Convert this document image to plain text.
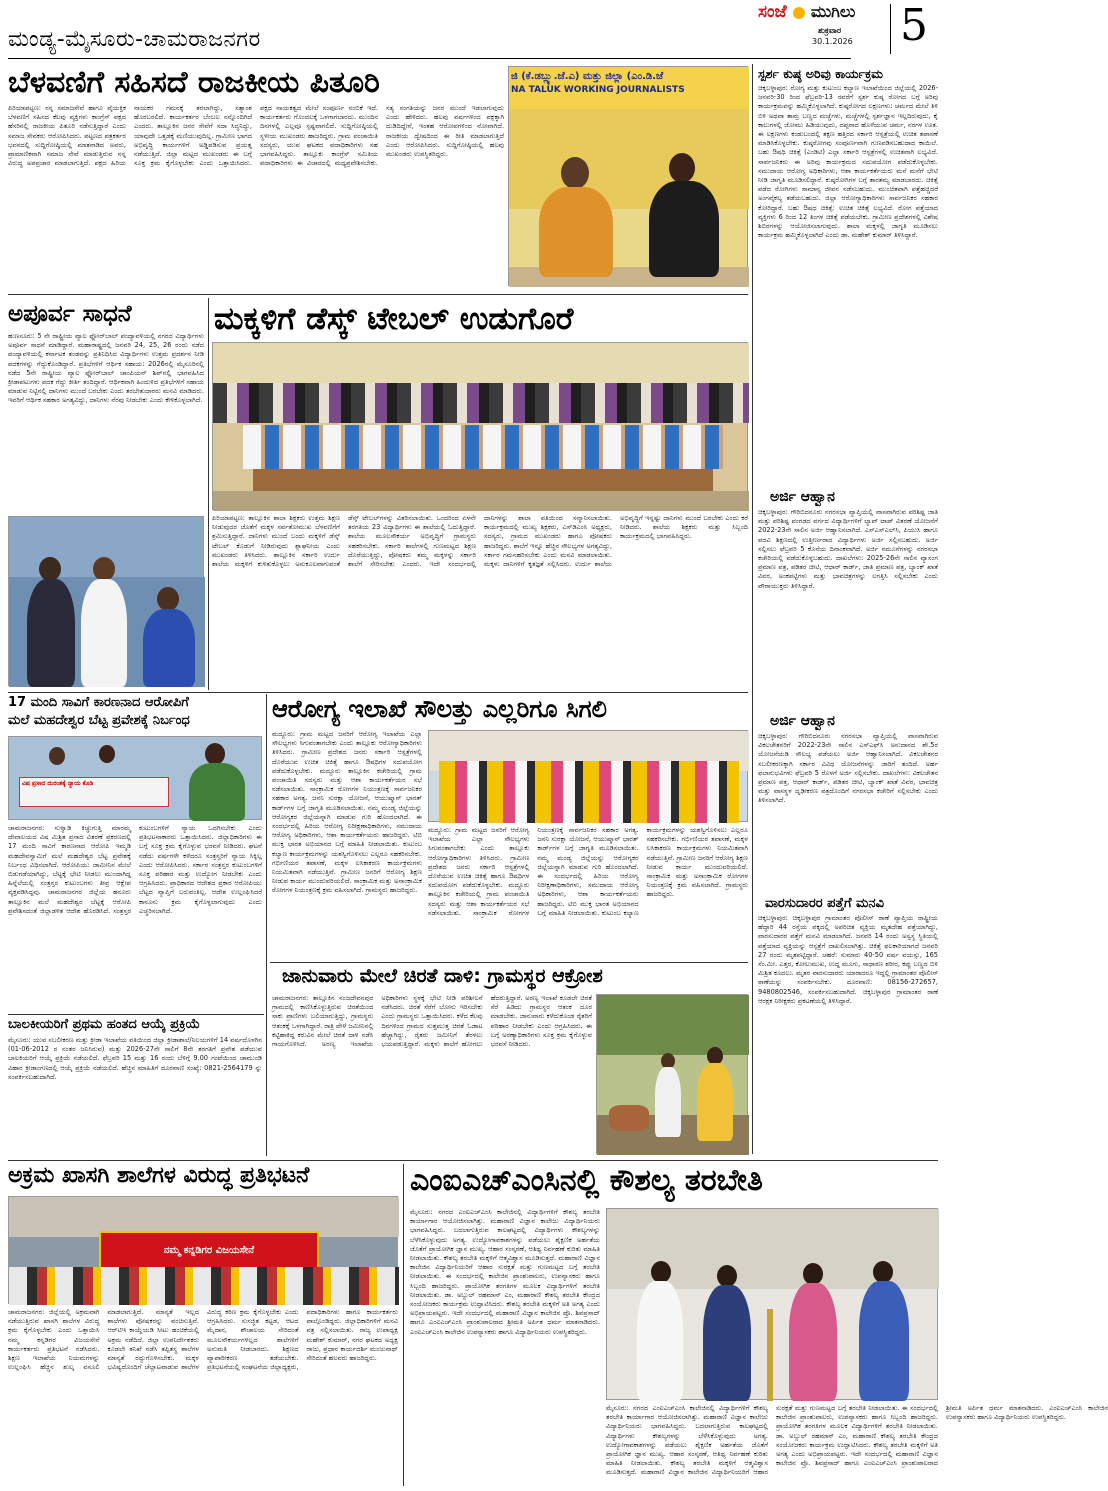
ಮಂಡ್ಯ-ಮೈಸೂರು-ಚಾಮರಾಜನಗರ
ಸಂಜೆ ಮುಗಿಲು
ಶುಕ್ರವಾರ
30.1.2026 5
ಬೆಳವಣಿಗೆ ಸಹಿಸದೆ ರಾಜಕೀಯ ಪಿತೂರಿ
ಪಿರಿಯಾಪಟ್ಟಣ: ನನ್ನ ಸಮಾಜಸೇವೆ ಹಾಗೂ ವೈಯಕ್ತಿಕ ಬೆಳವಣಿಗೆ ಸಹಿಸದ ಕೆಲವು ವ್ಯಕ್ತಿಗಳು ಕಾಂಗ್ರೆಸ್ ಪಕ್ಷದ ಹೆಸರಿನಲ್ಲಿ ರಾಜಕೀಯ ಪಿತೂರಿ ನಡೆಸುತ್ತಿದ್ದಾರೆ ಎಂದು ಸಮಾಜ ಸೇವಕರು ಆರೋಪಿಸಿದರು. ಪಟ್ಟಣದ ಪತ್ರಕರ್ತರ ಭವನದಲ್ಲಿ ಸುದ್ದಿಗೋಷ್ಠಿಯಲ್ಲಿ ಮಾತನಾಡಿದ ಅವರು, ಪ್ರಾಮಾಣಿಕವಾಗಿ ಸಮಾಜ ಸೇವೆ ಮಾಡುತ್ತಿರುವ ನನ್ನ ವಿರುದ್ಧ ಅಪಪ್ರಚಾರ ಮಾಡಲಾಗುತ್ತಿದೆ. ಪಕ್ಷದ ಹಿರಿಯ ನಾಯಕರ ಗಮನಕ್ಕೆ ತರಲಾಗಿದ್ದು, ಸತ್ಯಾಂಶ ಹೊರಬರಲಿದೆ. ಕಾರ್ಯಕರ್ತರ ಬೆಂಬಲ ನನ್ನೊಂದಿಗಿದೆ ಎಂದರು. ತಾಲ್ಲೂಕಿನ ಜನರ ಸೇವೆಗೆ ಸದಾ ಸಿದ್ಧನಿದ್ದು, ಯಾವುದೇ ಒತ್ತಡಕ್ಕೆ ಮಣಿಯುವುದಿಲ್ಲ. ಗ್ರಾಮೀಣ ಭಾಗದ ಅಭಿವೃದ್ಧಿ ಕಾರ್ಯಗಳಿಗೆ ಅಡ್ಡಿಪಡಿಸುವ ಪ್ರಯತ್ನ ನಡೆಯುತ್ತಿದೆ. ಜಿಲ್ಲಾ ಮಟ್ಟದ ಮುಖಂಡರು ಈ ಬಗ್ಗೆ ಸೂಕ್ತ ಕ್ರಮ ಕೈಗೊಳ್ಳಬೇಕು ಎಂದು ಒತ್ತಾಯಿಸಿದರು. ಪಕ್ಷದ ನಾಯಕತ್ವದ ಮೇಲೆ ಸಂಪೂರ್ಣ ನಂಬಿಕೆ ಇದೆ. ಕಾರ್ಯಕರ್ತರು ಗೊಂದಲಕ್ಕೆ ಒಳಗಾಗಬಾರದು. ಮುಂದಿನ ದಿನಗಳಲ್ಲಿ ಎಲ್ಲವೂ ಸ್ಪಷ್ಟವಾಗಲಿದೆ. ಸುದ್ದಿಗೋಷ್ಠಿಯಲ್ಲಿ ಸ್ಥಳೀಯ ಮುಖಂಡರು ಹಾಜರಿದ್ದರು. ಗ್ರಾಮ ಪಂಚಾಯಿತಿ ಸದಸ್ಯರು, ಯುವ ಘಟಕದ ಪದಾಧಿಕಾರಿಗಳು ಸಹ ಭಾಗವಹಿಸಿದ್ದರು. ತಾಲ್ಲೂಕು ಕಾಂಗ್ರೆಸ್ ಸಮಿತಿಯ ಪದಾಧಿಕಾರಿಗಳು ಈ ವಿಚಾರದಲ್ಲಿ ಮಧ್ಯಪ್ರವೇಶಿಸಬೇಕು. ಸತ್ಯ ಸಂಗತಿಯನ್ನು ಜನರ ಮುಂದೆ ಇಡಲಾಗುವುದು ಎಂದು ಹೇಳಿದರು. ಹಲವು ವರ್ಷಗಳಿಂದ ಪಕ್ಷಕ್ಕಾಗಿ ದುಡಿದಿದ್ದೇನೆ, ಇಂತಹ ಆರೋಪಗಳಿಂದ ನೋವಾಗಿದೆ. ರಾಜಕೀಯ ದ್ವೇಷದಿಂದ ಈ ರೀತಿ ಮಾಡಲಾಗುತ್ತಿದೆ ಎಂದು ಆರೋಪಿಸಿದರು. ಸುದ್ದಿಗೋಷ್ಠಿಯಲ್ಲಿ ಹಲವು ಮುಖಂಡರು ಉಪಸ್ಥಿತರಿದ್ದರು.
ಜಿ (ಕೆ.ಡಬ್ಲ್ಯು.ಜೆ.ಎ) ಮತ್ತು ಜಿಲ್ಲಾ (ಎಂ.ಡಿ.ಜೆ
NA TALUK WORKING JOURNALISTS
ಸ್ಪರ್ಶ ಕುಷ್ಠ ಅರಿವು ಕಾರ್ಯಕ್ರಮ
ಚಿಕ್ಕಬಳ್ಳಾಪುರ: ರೋಗ್ಯ ಮತ್ತು ಕುಟುಂಬ ಕಲ್ಯಾಣ ಇಲಾಖೆಯಿಂದ ಜಿಲ್ಲೆಯಲ್ಲಿ 2026-ಜನವರಿ-30 ರಿಂದ ಫೆಬ್ರವರಿ-13 ರವರೆಗೆ ಸ್ಪರ್ಶ ಕುಷ್ಠ ರೋಗದ ಬಗ್ಗೆ ಅರಿವು ಕಾರ್ಯಕ್ರಮವನ್ನು ಹಮ್ಮಿಕೊಳ್ಳಲಾಗಿದೆ. ಕುಷ್ಠರೋಗದ ಲಕ್ಷಣಗಳು: ಚರ್ಮದ ಮೇಲೆ ತಿಳಿ ಬಿಳಿ ಅಥವಾ ತಾಮ್ರ ಬಣ್ಣದ ಮಚ್ಚೆಗಳು, ಮಚ್ಚೆಗಳಲ್ಲಿ ಸ್ಪರ್ಶಜ್ಞಾನ ಇಲ್ಲದಿರುವುದು, ಕೈ ಕಾಲುಗಳಲ್ಲಿ ಜೋಮು ಹಿಡಿಯುವುದು, ದಪ್ಪನಾದ ಹೊಳೆಯುವ ಚರ್ಮ, ನರಗಳ ಊತ. ಈ ಲಕ್ಷಣಗಳು ಕಂಡುಬಂದಲ್ಲಿ ತಕ್ಷಣ ಹತ್ತಿರದ ಸರ್ಕಾರಿ ಆಸ್ಪತ್ರೆಯಲ್ಲಿ ಉಚಿತ ತಪಾಸಣೆ ಮಾಡಿಸಿಕೊಳ್ಳಬೇಕು. ಕುಷ್ಠರೋಗವು ಸಂಪೂರ್ಣವಾಗಿ ಗುಣಪಡಿಸಬಹುದಾದ ಕಾಯಿಲೆ. ಬಹು ಔಷಧಿ ಚಿಕಿತ್ಸೆ (ಎಂಡಿಟಿ) ಎಲ್ಲಾ ಸರ್ಕಾರಿ ಆಸ್ಪತ್ರೆಗಳಲ್ಲಿ ಉಚಿತವಾಗಿ ಲಭ್ಯವಿದೆ. ಸಾರ್ವಜನಿಕರು ಈ ಅರಿವು ಕಾರ್ಯಕ್ರಮದ ಸದುಪಯೋಗ ಪಡೆದುಕೊಳ್ಳಬೇಕು. ಸಮುದಾಯ ಆರೋಗ್ಯ ಅಧಿಕಾರಿಗಳು, ಆಶಾ ಕಾರ್ಯಕರ್ತೆಯರು ಮನೆ ಮನೆಗೆ ಭೇಟಿ ನೀಡಿ ಜಾಗೃತಿ ಮೂಡಿಸಲಿದ್ದಾರೆ. ಕುಷ್ಠರೋಗಿಗಳ ಬಗ್ಗೆ ತಾರತಮ್ಯ ಮಾಡಬಾರದು. ಚಿಕಿತ್ಸೆ ಪಡೆದ ರೋಗಿಗಳು ಸಾಮಾನ್ಯ ಜೀವನ ನಡೆಸಬಹುದು. ಮುಂಚಿತವಾಗಿ ಪತ್ತೆಹಚ್ಚಿದರೆ ಅಂಗವೈಕಲ್ಯ ತಡೆಯಬಹುದು. ಜಿಲ್ಲಾ ಆರೋಗ್ಯಾಧಿಕಾರಿಗಳು ಸಾರ್ವಜನಿಕರ ಸಹಕಾರ ಕೋರಿದ್ದಾರೆ. ಬಹು ಔಷಧ ಚಿಕಿತ್ಸೆ: ಉಚಿತ ಚಿಕಿತ್ಸೆ ಲಭ್ಯವಿದೆ. ರೋಗ ಪತ್ತೆಯಾದ ವ್ಯಕ್ತಿಗಳು 6 ರಿಂದ 12 ತಿಂಗಳ ಚಿಕಿತ್ಸೆ ಪಡೆಯಬೇಕು. ಗ್ರಾಮೀಣ ಪ್ರದೇಶಗಳಲ್ಲಿ ವಿಶೇಷ ಶಿಬಿರಗಳನ್ನು ಆಯೋಜಿಸಲಾಗುವುದು. ಶಾಲಾ ಮಕ್ಕಳಲ್ಲಿ ಜಾಗೃತಿ ಮೂಡಿಸಲು ಕಾರ್ಯಕ್ರಮ ಹಮ್ಮಿಕೊಳ್ಳಲಾಗಿದೆ ಎಂದು ಡಾ. ಮಹೇಶ್ ಕುಮಾರ್ ತಿಳಿಸಿದ್ದಾರೆ.
ಅರ್ಜಿ ಆಹ್ವಾನ
ಚಿಕ್ಕಬಳ್ಳಾಪುರ: ಗೌರಿಬಿದನೂರು ನಗರಸಭಾ ವ್ಯಾಪ್ತಿಯಲ್ಲಿ ವಾಸವಾಗಿರುವ ಪರಿಶಿಷ್ಟ ಜಾತಿ ಮತ್ತು ಪರಿಶಿಷ್ಟ ಪಂಗಡದ ವರ್ಗದ ವಿದ್ಯಾರ್ಥಿಗಳಿಗೆ ಲ್ಯಾಪ್ ಟಾಪ್ ವಿತರಣೆ ಯೋಜನೆಗೆ 2022-23ನೇ ಸಾಲಿನ ಅರ್ಜಿ ಆಹ್ವಾನಿಸಲಾಗಿದೆ. ಎಸ್‌ಎಸ್‌ಎಲ್‌ಸಿ, ಪಿಯುಸಿ ಹಾಗೂ ಪದವಿ ಶಿಕ್ಷಣದಲ್ಲಿ ಉತ್ತೀರ್ಣರಾದ ವಿದ್ಯಾರ್ಥಿಗಳು ಅರ್ಜಿ ಸಲ್ಲಿಸಬಹುದು. ಅರ್ಜಿ ಸಲ್ಲಿಸಲು ಫೆಬ್ರವರಿ 5 ಕೊನೆಯ ದಿನಾಂಕವಾಗಿದೆ. ಅರ್ಜಿ ನಮೂನೆಗಳನ್ನು ನಗರಸಭಾ ಕಚೇರಿಯಲ್ಲಿ ಪಡೆದುಕೊಳ್ಳಬಹುದು. ದಾಖಲೆಗಳು: 2025-26ನೇ ಸಾಲಿನ ವ್ಯಾಸಂಗ ಪ್ರಮಾಣ ಪತ್ರ, ಪಡಿತರ ಚೀಟಿ, ಆಧಾರ್ ಕಾರ್ಡ್, ಜಾತಿ ಪ್ರಮಾಣ ಪತ್ರ, ಬ್ಯಾಂಕ್ ಖಾತೆ ವಿವರ, ಅಂಕಪಟ್ಟಿಗಳು ಮತ್ತು ಭಾವಚಿತ್ರಗಳನ್ನು ಲಗತ್ತಿಸಿ ಸಲ್ಲಿಸಬೇಕು ಎಂದು ಪೌರಾಯುಕ್ತರು ತಿಳಿಸಿದ್ದಾರೆ.
ಅರ್ಜಿ ಆಹ್ವಾನ
ಚಿಕ್ಕಬಳ್ಳಾಪುರ: ಗೌರಿಬಿದನೂರು ನಗರಸಭಾ ವ್ಯಾಪ್ತಿಯಲ್ಲಿ ವಾಸವಾಗಿರುವ ವಿಕಲಚೇತನರಿಗೆ 2022-23ನೇ ಸಾಲಿನ ಎಸ್‌ಎಫ್‌ಸಿ ಅನುದಾನದ ಶೇ.5ರ ಯೋಜನೆಯಡಿ ಸೌಲಭ್ಯ ಪಡೆಯಲು ಅರ್ಜಿ ಆಹ್ವಾನಿಸಲಾಗಿದೆ. ವಿಕಲಚೇತನರ ಸಬಲೀಕರಣಕ್ಕಾಗಿ ಸರ್ಕಾರ ವಿವಿಧ ಯೋಜನೆಗಳನ್ನು ಜಾರಿಗೆ ತಂದಿದೆ. ಅರ್ಹ ಫಲಾನುಭವಿಗಳು ಫೆಬ್ರವರಿ 5 ರೊಳಗೆ ಅರ್ಜಿ ಸಲ್ಲಿಸಬೇಕು. ದಾಖಲೆಗಳು: ವಿಕಲಚೇತನ ಪ್ರಮಾಣ ಪತ್ರ, ಆಧಾರ್ ಕಾರ್ಡ್, ಪಡಿತರ ಚೀಟಿ, ಬ್ಯಾಂಕ್ ಖಾತೆ ವಿವರ, ಭಾವಚಿತ್ರ ಮತ್ತು ವಾಸಸ್ಥಳ ದೃಢೀಕರಣ ಪತ್ರದೊಂದಿಗೆ ನಗರಸಭಾ ಕಚೇರಿಗೆ ಸಲ್ಲಿಸಬೇಕು ಎಂದು ತಿಳಿಸಲಾಗಿದೆ.
ವಾರಸುದಾರರ ಪತ್ತೆಗೆ ಮನವಿ
ಚಿಕ್ಕಬಳ್ಳಾಪುರ: ಚಿಕ್ಕಬಳ್ಳಾಪುರ ಗ್ರಾಮಾಂತರ ಪೊಲೀಸ್ ಠಾಣೆ ವ್ಯಾಪ್ತಿಯ ರಾಷ್ಟ್ರೀಯ ಹೆದ್ದಾರಿ 44 ರಸ್ತೆಯ ಪಕ್ಕದಲ್ಲಿ ಅಪರಿಚಿತ ವ್ಯಕ್ತಿಯ ಮೃತದೇಹ ಪತ್ತೆಯಾಗಿದ್ದು, ವಾರಸುದಾರರ ಪತ್ತೆಗೆ ಮನವಿ ಮಾಡಲಾಗಿದೆ. ಜನವರಿ 14 ರಂದು ಅಸ್ವಸ್ಥ ಸ್ಥಿತಿಯಲ್ಲಿ ಪತ್ತೆಯಾದ ವ್ಯಕ್ತಿಯನ್ನು ಆಸ್ಪತ್ರೆಗೆ ದಾಖಲಿಸಲಾಗಿತ್ತು. ಚಿಕಿತ್ಸೆ ಫಲಕಾರಿಯಾಗದೆ ಜನವರಿ 27 ರಂದು ಮೃತಪಟ್ಟಿದ್ದಾರೆ. ಚಹರೆ: ಸುಮಾರು 40-50 ವರ್ಷ ವಯಸ್ಸು, 165 ಸೆಂ.ಮೀ. ಎತ್ತರ, ಕೋಲುಮುಖ, ಉದ್ದ ಮೂಗು, ಸಾಧಾರಣ ಶರೀರ, ಕಪ್ಪು ಬಣ್ಣದ ಬಿಳಿ ಮಿಶ್ರಿತ ಕೂದಲು. ಮೃತರ ವಾರಸುದಾರರು ಯಾರಾದರೂ ಇದ್ದಲ್ಲಿ ಗ್ರಾಮಾಂತರ ಪೊಲೀಸ್ ಠಾಣೆಯನ್ನು ಸಂಪರ್ಕಿಸಬೇಕು. ದೂರವಾಣಿ: 08156-272657, 9480802546, ಸಂಪರ್ಕಿಸಬಹುದಾಗಿದೆ. ಚಿಕ್ಕಬಳ್ಳಾಪುರ ಗ್ರಾಮಾಂತರ ಠಾಣೆ ಆರಕ್ಷಕ ನಿರೀಕ್ಷಕರು ಪ್ರಕಟಣೆಯಲ್ಲಿ ತಿಳಿಸಿದ್ದಾರೆ.
ಅಪೂರ್ವ ಸಾಧನೆ
ಹುಣಸೂರು: 5 ನೇ ರಾಷ್ಟ್ರೀಯ ವ್ಯಾಲ ಫ್ಲೋರ್‌ಬಾಲ್ ಪಂದ್ಯಾವಳಿಯಲ್ಲಿ ನಗರದ ವಿದ್ಯಾರ್ಥಿಗಳು ಅಪೂರ್ವ ಸಾಧನೆ ಮಾಡಿದ್ದಾರೆ. ಮಹಾರಾಷ್ಟ್ರದಲ್ಲಿ ಜನವರಿ 24, 25, 26 ರಂದು ನಡೆದ ಪಂದ್ಯಾವಳಿಯಲ್ಲಿ ಕರ್ನಾಟಕ ತಂಡವನ್ನು ಪ್ರತಿನಿಧಿಸಿದ ವಿದ್ಯಾರ್ಥಿಗಳು ಉತ್ತಮ ಪ್ರದರ್ಶನ ನೀಡಿ ಪದಕಗಳನ್ನು ಗೆದ್ದುಕೊಂಡಿದ್ದಾರೆ. ಪ್ರತಿಭೆಗಳಿಗೆ ಆರ್ಥಿಕ ಸಹಾಯ: 2026ರಲ್ಲಿ ಮೈಸೂರಿನಲ್ಲಿ ನಡೆದ 5ನೇ ರಾಷ್ಟ್ರೀಯ ವ್ಯಾಲ ಫ್ಲೋರ್‌ಬಾಲ್ ಚಾಂಪಿಯನ್ ಶಿಪ್‌ನಲ್ಲಿ ಭಾಗವಹಿಸಿದ ಕ್ರೀಡಾಪಟುಗಳು ಪದಕ ಗೆದ್ದು ಕೀರ್ತಿ ತಂದಿದ್ದಾರೆ. ಆರ್ಥಿಕವಾಗಿ ಹಿಂದುಳಿದ ಪ್ರತಿಭೆಗಳಿಗೆ ಸಹಾಯ ಮಾಡುವ ನಿಟ್ಟಿನಲ್ಲಿ ದಾನಿಗಳು ಮುಂದೆ ಬರಬೇಕು ಎಂದು ತರಬೇತುದಾರರು ಮನವಿ ಮಾಡಿದರು. ಇವರಿಗೆ ಆರ್ಥಿಕ ಸಹಕಾರ ಅಗತ್ಯವಿದ್ದು, ದಾನಿಗಳು ನೆರವು ನೀಡಬೇಕು ಎಂದು ಕೇಳಿಕೊಳ್ಳಲಾಗಿದೆ.
ಮಕ್ಕಳಿಗೆ ಡೆಸ್ಕ್ ಟೇಬಲ್ ಉಡುಗೊರೆ
ಪಿರಿಯಾಪಟ್ಟಣ: ತಾಲ್ಲೂಕಿನ ಶಾಲಾ ಶಿಕ್ಷಕರು ಉತ್ತಮ ಶಿಕ್ಷಣ ನೀಡುವುದರ ಜೊತೆಗೆ ಮಕ್ಕಳ ಸರ್ವತೋಮುಖ ಬೆಳವಣಿಗೆಗೆ ಶ್ರಮಿಸುತ್ತಿದ್ದಾರೆ. ದಾನಿಗಳು ಮುಂದೆ ಬಂದು ಮಕ್ಕಳಿಗೆ ಡೆಸ್ಕ್ ಟೇಬಲ್ ಕೊಡುಗೆ ನೀಡಿರುವುದು ಶ್ಲಾಘನೀಯ ಎಂದು ಮುಖಂಡರು ತಿಳಿಸಿದರು. ತಾಲ್ಲೂಕಿನ ಸರ್ಕಾರಿ ಉರ್ದು ಶಾಲೆಯ ಮಕ್ಕಳಿಗೆ ಕುಳಿತುಕೊಳ್ಳಲು ಅನುಕೂಲವಾಗುವಂತೆ ಡೆಸ್ಕ್ ಟೇಬಲ್‌ಗಳನ್ನು ವಿತರಿಸಲಾಯಿತು. ಒಂದರಿಂದ ಏಳನೇ ತರಗತಿಯ 23 ವಿದ್ಯಾರ್ಥಿಗಳು ಈ ಶಾಲೆಯಲ್ಲಿ ಓದುತ್ತಿದ್ದಾರೆ. ಶಾಲೆಯ ಮೂಲಸೌಕರ್ಯ ಅಭಿವೃದ್ಧಿಗೆ ಗ್ರಾಮಸ್ಥರು ಸಹಕರಿಸಬೇಕು. ಸರ್ಕಾರಿ ಶಾಲೆಗಳಲ್ಲಿ ಗುಣಮಟ್ಟದ ಶಿಕ್ಷಣ ದೊರೆಯುತ್ತಿದ್ದು, ಪೋಷಕರು ತಮ್ಮ ಮಕ್ಕಳನ್ನು ಸರ್ಕಾರಿ ಶಾಲೆಗೆ ಸೇರಿಸಬೇಕು ಎಂದರು. ಇದೇ ಸಂದರ್ಭದಲ್ಲಿ ದಾನಿಗಳನ್ನು ಶಾಲಾ ವತಿಯಿಂದ ಸನ್ಮಾನಿಸಲಾಯಿತು. ಕಾರ್ಯಕ್ರಮದಲ್ಲಿ ಮುಖ್ಯ ಶಿಕ್ಷಕರು, ಎಸ್‌ಡಿಎಂಸಿ ಅಧ್ಯಕ್ಷರು, ಸದಸ್ಯರು, ಗ್ರಾಮದ ಮುಖಂಡರು ಹಾಗೂ ಪೋಷಕರು ಹಾಜರಿದ್ದರು. ಶಾಲೆಗೆ ಇನ್ನೂ ಹೆಚ್ಚಿನ ಸೌಲಭ್ಯಗಳ ಅಗತ್ಯವಿದ್ದು, ಸರ್ಕಾರ ಗಮನಹರಿಸಬೇಕು ಎಂದು ಮನವಿ ಮಾಡಲಾಯಿತು. ಮಕ್ಕಳು ದಾನಿಗಳಿಗೆ ಕೃತಜ್ಞತೆ ಸಲ್ಲಿಸಿದರು. ಉರ್ದು ಶಾಲೆಯ ಅಭಿವೃದ್ಧಿಗೆ ಇನ್ನಷ್ಟು ದಾನಿಗಳು ಮುಂದೆ ಬರಬೇಕು ಎಂದು ಕರೆ ನೀಡಿದರು. ಶಾಲೆಯ ಶಿಕ್ಷಕರು ಮತ್ತು ಸಿಬ್ಬಂದಿ ಕಾರ್ಯಕ್ರಮದಲ್ಲಿ ಭಾಗವಹಿಸಿದ್ದರು.
17 ಮಂದಿ ಸಾವಿಗೆ ಕಾರಣನಾದ ಆರೋಪಿಗೆ
ಮಲೆ ಮಹದೇಶ್ವರ ಬೆಟ್ಟ ಪ್ರವೇಶಕ್ಕೆ ನಿರ್ಬಂಧ
ವಿಷ ಪ್ರಸಾದ ದುರಂತಕ್ಕೆ ನ್ಯಾಯ ಕೊಡಿ
ಚಾಮರಾಜನಗರ: ಸುಳ್ವಾಡಿ ಕಿಚ್ಚುಗುತ್ತಿ ಮಾರಮ್ಮ ದೇವಾಲಯದ ವಿಷ ಮಿಶ್ರಿತ ಪ್ರಸಾದ ವಿತರಣೆ ಪ್ರಕರಣದಲ್ಲಿ 17 ಮಂದಿ ಸಾವಿಗೆ ಕಾರಣನಾದ ಆರೋಪಿ ಇಮ್ಮಡಿ ಮಹದೇವಸ್ವಾಮಿಗೆ ಮಲೆ ಮಹದೇಶ್ವರ ಬೆಟ್ಟ ಪ್ರವೇಶಕ್ಕೆ ನಿರ್ಬಂಧ ವಿಧಿಸಲಾಗಿದೆ. ಆರೋಪಿಯು ಜಾಮೀನಿನ ಮೇಲೆ ಬಿಡುಗಡೆಯಾಗಿದ್ದು, ಬೆಟ್ಟಕ್ಕೆ ಭೇಟಿ ನೀಡಲು ಮುಂದಾಗಿದ್ದ ಹಿನ್ನೆಲೆಯಲ್ಲಿ ಸಂತ್ರಸ್ತರ ಕುಟುಂಬಗಳು ತೀವ್ರ ಆಕ್ಷೇಪ ವ್ಯಕ್ತಪಡಿಸಿದ್ದವು. ಚಾಮರಾಜನಗರ ಜಿಲ್ಲೆಯ ಹನೂರು ತಾಲ್ಲೂಕಿನ ಮಲೆ ಮಹದೇಶ್ವರ ಬೆಟ್ಟಕ್ಕೆ ಆರೋಪಿ ಪ್ರವೇಶಿಸದಂತೆ ಜಿಲ್ಲಾಡಳಿತ ಆದೇಶ ಹೊರಡಿಸಿದೆ. ಸಂತ್ರಸ್ತರ ಕುಟುಂಬಗಳಿಗೆ ನ್ಯಾಯ ಒದಗಿಸಬೇಕು ಎಂದು ಪ್ರತಿಭಟನಾಕಾರರು ಒತ್ತಾಯಿಸಿದರು. ಜಿಲ್ಲಾಧಿಕಾರಿಗಳು ಈ ಬಗ್ಗೆ ಸೂಕ್ತ ಕ್ರಮ ಕೈಗೊಳ್ಳುವ ಭರವಸೆ ನೀಡಿದರು. ಘಟನೆ ನಡೆದು ವರ್ಷಗಳೇ ಕಳೆದರೂ ಸಂತ್ರಸ್ತರಿಗೆ ನ್ಯಾಯ ಸಿಕ್ಕಿಲ್ಲ ಎಂದು ಆರೋಪಿಸಿದರು. ಸರ್ಕಾರ ಸಂತ್ರಸ್ತರ ಕುಟುಂಬಗಳಿಗೆ ಸೂಕ್ತ ಪರಿಹಾರ ಮತ್ತು ಉದ್ಯೋಗ ನೀಡಬೇಕು ಎಂದು ಆಗ್ರಹಿಸಿದರು. ಪ್ರಾಧಿಕಾರದ ಆದೇಶದ ಪ್ರಕಾರ ಆರೋಪಿಯು ಬೆಟ್ಟದ ವ್ಯಾಪ್ತಿಗೆ ಬರುವಂತಿಲ್ಲ. ಆದೇಶ ಉಲ್ಲಂಘಿಸಿದರೆ ಕಾನೂನು ಕ್ರಮ ಕೈಗೊಳ್ಳಲಾಗುವುದು ಎಂದು ಎಚ್ಚರಿಸಲಾಗಿದೆ.
ಬಾಲಕೀಯರಿಗೆ ಪ್ರಥಮ ಹಂತದ ಆಯ್ಕೆ ಪ್ರಕ್ರಿಯೆ
ಮೈಸೂರು: ಯುವ ಸಬಲೀಕರಣ ಮತ್ತು ಕ್ರೀಡಾ ಇಲಾಖೆಯ ವತಿಯಿಂದ ಜಿಲ್ಲಾ ಕ್ರೀಡಾಶಾಲೆ/ನಿಲಯಗಳಿಗೆ 14 ವರ್ಷದೊಳಗಿನ (01-06-2012 ರ ನಂತರ ಜನಿಸಿರುವ) ಮತ್ತು 2026-27ನೇ ಸಾಲಿಗೆ 8ನೇ ತರಗತಿಗೆ ಪ್ರವೇಶ ಪಡೆಯುವ ಬಾಲಕಿಯರಿಗೆ ಆಯ್ಕೆ ಪ್ರಕ್ರಿಯೆ ನಡೆಯಲಿದೆ. ಫೆಬ್ರವರಿ 15 ಮತ್ತು 16 ರಂದು ಬೆಳಿಗ್ಗೆ 9.00 ಗಂಟೆಯಿಂದ ಚಾಮುಂಡಿ ವಿಹಾರ ಕ್ರೀಡಾಂಗಣದಲ್ಲಿ ಆಯ್ಕೆ ಪ್ರಕ್ರಿಯೆ ನಡೆಯಲಿದೆ. ಹೆಚ್ಚಿನ ಮಾಹಿತಿಗೆ ದೂರವಾಣಿ ಸಂಖ್ಯೆ: 0821-2564179 ನ್ನು ಸಂಪರ್ಕಿಸಬಹುದಾಗಿದೆ.
ಆರೋಗ್ಯ ಇಲಾಖೆ ಸೌಲತ್ತು ಎಲ್ಲರಿಗೂ ಸಿಗಲಿ
ಮದ್ದೂರು: ಗ್ರಾಮ ಮಟ್ಟದ ಜನರಿಗೆ ಆರೋಗ್ಯ ಇಲಾಖೆಯ ಎಲ್ಲಾ ಸೌಲಭ್ಯಗಳು ಸಿಗುವಂತಾಗಬೇಕು ಎಂದು ತಾಲ್ಲೂಕು ಆರೋಗ್ಯಾಧಿಕಾರಿಗಳು ತಿಳಿಸಿದರು. ಗ್ರಾಮೀಣ ಪ್ರದೇಶದ ಜನರು ಸರ್ಕಾರಿ ಆಸ್ಪತ್ರೆಗಳಲ್ಲಿ ದೊರೆಯುವ ಉಚಿತ ಚಿಕಿತ್ಸೆ ಹಾಗೂ ಔಷಧಿಗಳ ಸದುಪಯೋಗ ಪಡೆದುಕೊಳ್ಳಬೇಕು. ಮದ್ದೂರು ತಾಲ್ಲೂಕಿನ ಕಚೇರಿಯಲ್ಲಿ ಗ್ರಾಮ ಪಂಚಾಯಿತಿ ಸದಸ್ಯರು ಮತ್ತು ಆಶಾ ಕಾರ್ಯಕರ್ತೆಯರ ಸಭೆ ನಡೆಸಲಾಯಿತು. ಸಾಂಕ್ರಾಮಿಕ ರೋಗಗಳ ನಿಯಂತ್ರಣಕ್ಕೆ ಸಾರ್ವಜನಿಕರ ಸಹಕಾರ ಅಗತ್ಯ. ಜನನಿ ಸುರಕ್ಷಾ ಯೋಜನೆ, ಆಯುಷ್ಮಾನ್ ಭಾರತ್ ಕಾರ್ಡ್‌ಗಳ ಬಗ್ಗೆ ಜಾಗೃತಿ ಮೂಡಿಸಲಾಯಿತು. ನಮ್ಮ ಮಂಡ್ಯ ಜಿಲ್ಲೆಯನ್ನು ಆರೋಗ್ಯಕರ ಜಿಲ್ಲೆಯನ್ನಾಗಿ ಮಾಡುವ ಗುರಿ ಹೊಂದಲಾಗಿದೆ. ಈ ಸಂದರ್ಭದಲ್ಲಿ ಹಿರಿಯ ಆರೋಗ್ಯ ನಿರೀಕ್ಷಣಾಧಿಕಾರಿಗಳು, ಸಮುದಾಯ ಆರೋಗ್ಯ ಅಧಿಕಾರಿಗಳು, ಆಶಾ ಕಾರ್ಯಕರ್ತೆಯರು ಹಾಜರಿದ್ದರು. ಟಿಬಿ ಮುಕ್ತ ಭಾರತ ಅಭಿಯಾನದ ಬಗ್ಗೆ ಮಾಹಿತಿ ನೀಡಲಾಯಿತು. ಕುಟುಂಬ ಕಲ್ಯಾಣ ಕಾರ್ಯಕ್ರಮಗಳನ್ನು ಯಶಸ್ವಿಗೊಳಿಸಲು ಎಲ್ಲರೂ ಸಹಕರಿಸಬೇಕು. ಗರ್ಭಿಣಿಯರ ತಪಾಸಣೆ, ಮಕ್ಕಳ ಲಸಿಕಾಕರಣ ಕಾರ್ಯಕ್ರಮಗಳು ನಿಯಮಿತವಾಗಿ ನಡೆಯುತ್ತಿವೆ. ಗ್ರಾಮೀಣ ಜನರಿಗೆ ಆರೋಗ್ಯ ಶಿಕ್ಷಣ ನೀಡುವ ಕಾರ್ಯ ಮುಂದುವರಿಯಲಿದೆ. ಸಾಂಕ್ರಾಮಿಕ ಮತ್ತು ಅಸಾಂಕ್ರಾಮಿಕ ರೋಗಗಳ ನಿಯಂತ್ರಣಕ್ಕೆ ಕ್ರಮ ವಹಿಸಲಾಗಿದೆ. ಗ್ರಾಮಸ್ಥರು ಹಾಜರಿದ್ದರು.
ಮದ್ದೂರು: ಗ್ರಾಮ ಮಟ್ಟದ ಜನರಿಗೆ ಆರೋಗ್ಯ ಇಲಾಖೆಯ ಎಲ್ಲಾ ಸೌಲಭ್ಯಗಳು ಸಿಗುವಂತಾಗಬೇಕು ಎಂದು ತಾಲ್ಲೂಕು ಆರೋಗ್ಯಾಧಿಕಾರಿಗಳು ತಿಳಿಸಿದರು. ಗ್ರಾಮೀಣ ಪ್ರದೇಶದ ಜನರು ಸರ್ಕಾರಿ ಆಸ್ಪತ್ರೆಗಳಲ್ಲಿ ದೊರೆಯುವ ಉಚಿತ ಚಿಕಿತ್ಸೆ ಹಾಗೂ ಔಷಧಿಗಳ ಸದುಪಯೋಗ ಪಡೆದುಕೊಳ್ಳಬೇಕು. ಮದ್ದೂರು ತಾಲ್ಲೂಕಿನ ಕಚೇರಿಯಲ್ಲಿ ಗ್ರಾಮ ಪಂಚಾಯಿತಿ ಸದಸ್ಯರು ಮತ್ತು ಆಶಾ ಕಾರ್ಯಕರ್ತೆಯರ ಸಭೆ ನಡೆಸಲಾಯಿತು. ಸಾಂಕ್ರಾಮಿಕ ರೋಗಗಳ ನಿಯಂತ್ರಣಕ್ಕೆ ಸಾರ್ವಜನಿಕರ ಸಹಕಾರ ಅಗತ್ಯ. ಜನನಿ ಸುರಕ್ಷಾ ಯೋಜನೆ, ಆಯುಷ್ಮಾನ್ ಭಾರತ್ ಕಾರ್ಡ್‌ಗಳ ಬಗ್ಗೆ ಜಾಗೃತಿ ಮೂಡಿಸಲಾಯಿತು. ನಮ್ಮ ಮಂಡ್ಯ ಜಿಲ್ಲೆಯನ್ನು ಆರೋಗ್ಯಕರ ಜಿಲ್ಲೆಯನ್ನಾಗಿ ಮಾಡುವ ಗುರಿ ಹೊಂದಲಾಗಿದೆ. ಈ ಸಂದರ್ಭದಲ್ಲಿ ಹಿರಿಯ ಆರೋಗ್ಯ ನಿರೀಕ್ಷಣಾಧಿಕಾರಿಗಳು, ಸಮುದಾಯ ಆರೋಗ್ಯ ಅಧಿಕಾರಿಗಳು, ಆಶಾ ಕಾರ್ಯಕರ್ತೆಯರು ಹಾಜರಿದ್ದರು. ಟಿಬಿ ಮುಕ್ತ ಭಾರತ ಅಭಿಯಾನದ ಬಗ್ಗೆ ಮಾಹಿತಿ ನೀಡಲಾಯಿತು. ಕುಟುಂಬ ಕಲ್ಯಾಣ ಕಾರ್ಯಕ್ರಮಗಳನ್ನು ಯಶಸ್ವಿಗೊಳಿಸಲು ಎಲ್ಲರೂ ಸಹಕರಿಸಬೇಕು. ಗರ್ಭಿಣಿಯರ ತಪಾಸಣೆ, ಮಕ್ಕಳ ಲಸಿಕಾಕರಣ ಕಾರ್ಯಕ್ರಮಗಳು ನಿಯಮಿತವಾಗಿ ನಡೆಯುತ್ತಿವೆ. ಗ್ರಾಮೀಣ ಜನರಿಗೆ ಆರೋಗ್ಯ ಶಿಕ್ಷಣ ನೀಡುವ ಕಾರ್ಯ ಮುಂದುವರಿಯಲಿದೆ. ಸಾಂಕ್ರಾಮಿಕ ಮತ್ತು ಅಸಾಂಕ್ರಾಮಿಕ ರೋಗಗಳ ನಿಯಂತ್ರಣಕ್ಕೆ ಕ್ರಮ ವಹಿಸಲಾಗಿದೆ. ಗ್ರಾಮಸ್ಥರು ಹಾಜರಿದ್ದರು.
ಜಾನುವಾರು ಮೇಲೆ ಚಿರತೆ ದಾಳಿ: ಗ್ರಾಮಸ್ಥರ ಆಕ್ರೋಶ
ಚಾಮರಾಜನಗರ: ತಾಲ್ಲೂಕಿನ ನಂಜದೇವನಪುರ ಗ್ರಾಮದಲ್ಲಿ ಕಾಣಿಸಿಕೊಳ್ಳುತ್ತಿರುವ ಚಿರತೆಯಿಂದ ಸಾಕು ಪ್ರಾಣಿಗಳು ಬಲಿಯಾಗುತ್ತಿದ್ದು, ಗ್ರಾಮಸ್ಥರು ಆತಂಕಕ್ಕೆ ಒಳಗಾಗಿದ್ದಾರೆ. ರಾತ್ರಿ ವೇಳೆ ಜಮೀನಿನಲ್ಲಿ ಕಟ್ಟಿಹಾಕಿದ್ದ ಕರುವಿನ ಮೇಲೆ ಚಿರತೆ ದಾಳಿ ನಡೆಸಿ ಗಾಯಗೊಳಿಸಿದೆ. ಅರಣ್ಯ ಇಲಾಖೆಯ ಅಧಿಕಾರಿಗಳು ಸ್ಥಳಕ್ಕೆ ಭೇಟಿ ನೀಡಿ ಪರಿಶೀಲನೆ ನಡೆಸಿದರು. ಚಿರತೆ ಸೆರೆಗೆ ಬೋನು ಇರಿಸಬೇಕು ಎಂದು ಗ್ರಾಮಸ್ಥರು ಒತ್ತಾಯಿಸಿದರು. ಕಳೆದ ಕೆಲವು ದಿನಗಳಿಂದ ಗ್ರಾಮದ ಸುತ್ತಮುತ್ತ ಚಿರತೆ ಓಡಾಟ ಹೆಚ್ಚಾಗಿದ್ದು, ರೈತರು ಜಮೀನಿಗೆ ತೆರಳಲು ಭಯಪಡುತ್ತಿದ್ದಾರೆ. ಮಕ್ಕಳು ಶಾಲೆಗೆ ಹೋಗಲು ಹೆದರುತ್ತಿದ್ದಾರೆ. ಅರಣ್ಯ ಇಲಾಖೆ ಕೂಡಲೇ ಚಿರತೆ ಸೆರೆ ಹಿಡಿದು ಗ್ರಾಮಸ್ಥರ ಆತಂಕ ದೂರ ಮಾಡಬೇಕು. ಜಾನುವಾರು ಕಳೆದುಕೊಂಡ ರೈತರಿಗೆ ಪರಿಹಾರ ನೀಡಬೇಕು ಎಂದು ಆಗ್ರಹಿಸಿದರು. ಈ ಬಗ್ಗೆ ಅರಣ್ಯಾಧಿಕಾರಿಗಳು ಸೂಕ್ತ ಕ್ರಮ ಕೈಗೊಳ್ಳುವ ಭರವಸೆ ನೀಡಿದರು.
ಅಕ್ರಮ ಖಾಸಗಿ ಶಾಲೆಗಳ ವಿರುದ್ಧ ಪ್ರತಿಭಟನೆ
ನಮ್ಮ ಕನ್ನಡಿಗರ ವಿಜಯಸೇನೆ
ಚಾಮರಾಜನಗರ: ಜಿಲ್ಲೆಯಲ್ಲಿ ಅಕ್ರಮವಾಗಿ ನಡೆಯುತ್ತಿರುವ ಖಾಸಗಿ ಶಾಲೆಗಳ ವಿರುದ್ಧ ಕ್ರಮ ಕೈಗೊಳ್ಳಬೇಕು ಎಂದು ಒತ್ತಾಯಿಸಿ ನಮ್ಮ ಕನ್ನಡಿಗರ ವಿಜಯಸೇನೆ ಕಾರ್ಯಕರ್ತರು ಪ್ರತಿಭಟನೆ ನಡೆಸಿದರು. ಶಿಕ್ಷಣ ಇಲಾಖೆಯ ನಿಯಮಗಳನ್ನು ಉಲ್ಲಂಘಿಸಿ ಹೆಚ್ಚಿನ ಶುಲ್ಕ ವಸೂಲಿ ಮಾಡಲಾಗುತ್ತಿದೆ. ಮಾನ್ಯತೆ ಇಲ್ಲದ ಶಾಲೆಗಳು ಪೋಷಕರನ್ನು ವಂಚಿಸುತ್ತಿವೆ. ಆರ್‌ಟಿಇ ಕಾಯ್ದೆಯಡಿ ಸೀಟು ಹಂಚಿಕೆಯಲ್ಲಿ ಅಕ್ರಮ ನಡೆದಿದೆ. ಜಿಲ್ಲಾ ಉಪನಿರ್ದೇಶಕರು ಕೂಡಲೇ ತನಿಖೆ ನಡೆಸಿ ತಪ್ಪಿತಸ್ಥ ಶಾಲೆಗಳ ಮಾನ್ಯತೆ ರದ್ದುಗೊಳಿಸಬೇಕು. ಮಕ್ಕಳ ಭವಿಷ್ಯದೊಂದಿಗೆ ಚೆಲ್ಲಾಟವಾಡುವ ಶಾಲೆಗಳ ವಿರುದ್ಧ ಕಠಿಣ ಕ್ರಮ ಕೈಗೊಳ್ಳಬೇಕು ಎಂದು ಆಗ್ರಹಿಸಿದರು. ಸುಸಜ್ಜಿತ ಕಟ್ಟಡ, ಆಟದ ಮೈದಾನ, ಶೌಚಾಲಯ ಸೇರಿದಂತೆ ಮೂಲಸೌಕರ್ಯಗಳಿಲ್ಲದ ಶಾಲೆಗಳಿಗೆ ಅನುಮತಿ ನೀಡಬಾರದು. ಶಿಕ್ಷಣದ ವ್ಯಾಪಾರೀಕರಣ ತಡೆಯಬೇಕು. ಪ್ರತಿಭಟನೆಯಲ್ಲಿ ಸಂಘಟನೆಯ ಜಿಲ್ಲಾಧ್ಯಕ್ಷರು, ಪದಾಧಿಕಾರಿಗಳು ಹಾಗೂ ಕಾರ್ಯಕರ್ತರು ಪಾಲ್ಗೊಂಡಿದ್ದರು. ಜಿಲ್ಲಾಧಿಕಾರಿಗಳಿಗೆ ಮನವಿ ಪತ್ರ ಸಲ್ಲಿಸಲಾಯಿತು. ರಾಜ್ಯ ಉಪಾಧ್ಯಕ್ಷ ಮಹೇಶ್ ಕುಮಾರ್, ನಗರ ಘಟಕದ ಅಧ್ಯಕ್ಷ ರಾಜು, ಪ್ರಧಾನ ಕಾರ್ಯದರ್ಶಿ ಮಂಜುನಾಥ್ ಸೇರಿದಂತೆ ಹಲವರು ಹಾಜರಿದ್ದರು.
ಎಂಐಎಚ್‌ಎಂಸಿನಲ್ಲಿ ಕೌಶಲ್ಯ ತರಬೇತಿ
ಮೈಸೂರು: ನಗರದ ಎಂಐಎಚ್‌ಎಂಸಿ ಕಾಲೇಜಿನಲ್ಲಿ ವಿದ್ಯಾರ್ಥಿಗಳಿಗೆ ಕೌಶಲ್ಯ ತರಬೇತಿ ಕಾರ್ಯಾಗಾರ ಆಯೋಜಿಸಲಾಗಿತ್ತು. ಮಹಾರಾಣಿ ವಿಜ್ಞಾನ ಕಾಲೇಜು ವಿದ್ಯಾರ್ಥಿನಿಯರು ಭಾಗವಹಿಸಿದ್ದರು. ಬದಲಾಗುತ್ತಿರುವ ಕಾಲಘಟ್ಟದಲ್ಲಿ ವಿದ್ಯಾರ್ಥಿಗಳು ಕೌಶಲ್ಯಗಳನ್ನು ಬೆಳೆಸಿಕೊಳ್ಳುವುದು ಅಗತ್ಯ. ಉದ್ಯೋಗಾವಕಾಶಗಳನ್ನು ಪಡೆಯಲು ಶೈಕ್ಷಣಿಕ ಅರ್ಹತೆಯ ಜೊತೆಗೆ ಪ್ರಾಯೋಗಿಕ ಜ್ಞಾನ ಮುಖ್ಯ. ಆಹಾರ ಸಂಸ್ಕರಣೆ, ಆತಿಥ್ಯ ನಿರ್ವಹಣೆ ಕುರಿತು ಮಾಹಿತಿ ನೀಡಲಾಯಿತು. ಕೌಶಲ್ಯ ತರಬೇತಿ ಮಕ್ಕಳಿಗೆ ಆತ್ಮವಿಶ್ವಾಸ ಮೂಡಿಸುತ್ತದೆ. ಮಹಾರಾಣಿ ವಿಜ್ಞಾನ ಕಾಲೇಜಿನ ವಿದ್ಯಾರ್ಥಿನಿಯರಿಗೆ ಆಹಾರ ಸುರಕ್ಷತೆ ಮತ್ತು ಗುಣಮಟ್ಟದ ಬಗ್ಗೆ ತರಬೇತಿ ನೀಡಲಾಯಿತು. ಈ ಸಂದರ್ಭದಲ್ಲಿ ಕಾಲೇಜಿನ ಪ್ರಾಂಶುಪಾಲರು, ಉಪನ್ಯಾಸಕರು ಹಾಗೂ ಸಿಬ್ಬಂದಿ ಹಾಜರಿದ್ದರು. ಪ್ರಾಯೋಗಿಕ ತರಗತಿಗಳ ಮೂಲಕ ವಿದ್ಯಾರ್ಥಿಗಳಿಗೆ ತರಬೇತಿ ನೀಡಲಾಯಿತು. ಡಾ. ಅಬ್ದುಲ್ ರಹಮಾನ್ ಎಂ, ಮಹಾರಾಣಿ ಕೌಶಲ್ಯ ತರಬೇತಿ ಕೇಂದ್ರದ ಸಂಯೋಜಕರು ಕಾರ್ಯಕ್ರಮ ಉದ್ಘಾಟಿಸಿದರು. ಕೌಶಲ್ಯ ತರಬೇತಿ ಮಕ್ಕಳಿಗೆ ಅತಿ ಅಗತ್ಯ ಎಂದು ಅಭಿಪ್ರಾಯಪಟ್ಟರು. ಇದೇ ಸಂದರ್ಭದಲ್ಲಿ ಮಹಾರಾಣಿ ವಿಜ್ಞಾನ ಕಾಲೇಜಿನ ಪ್ರೊ. ಶಿವಪ್ರಸಾದ್ ಹಾಗೂ ಎಂಐಎಚ್‌ಎಂಸಿ ಪ್ರಾಂಶುಪಾಲರಾದ ಶ್ರೀಮತಿ ಅರ್ಪಿತ ಧರ್ಮ ಮಾತನಾಡಿದರು. ಎಂಐಎಚ್‌ಎಂಸಿ ಕಾಲೇಜಿನ ಉಪನ್ಯಾಸಕರು ಹಾಗೂ ವಿದ್ಯಾರ್ಥಿನಿಯರು ಉಪಸ್ಥಿತರಿದ್ದರು.
ಮೈಸೂರು: ನಗರದ ಎಂಐಎಚ್‌ಎಂಸಿ ಕಾಲೇಜಿನಲ್ಲಿ ವಿದ್ಯಾರ್ಥಿಗಳಿಗೆ ಕೌಶಲ್ಯ ತರಬೇತಿ ಕಾರ್ಯಾಗಾರ ಆಯೋಜಿಸಲಾಗಿತ್ತು. ಮಹಾರಾಣಿ ವಿಜ್ಞಾನ ಕಾಲೇಜು ವಿದ್ಯಾರ್ಥಿನಿಯರು ಭಾಗವಹಿಸಿದ್ದರು. ಬದಲಾಗುತ್ತಿರುವ ಕಾಲಘಟ್ಟದಲ್ಲಿ ವಿದ್ಯಾರ್ಥಿಗಳು ಕೌಶಲ್ಯಗಳನ್ನು ಬೆಳೆಸಿಕೊಳ್ಳುವುದು ಅಗತ್ಯ. ಉದ್ಯೋಗಾವಕಾಶಗಳನ್ನು ಪಡೆಯಲು ಶೈಕ್ಷಣಿಕ ಅರ್ಹತೆಯ ಜೊತೆಗೆ ಪ್ರಾಯೋಗಿಕ ಜ್ಞಾನ ಮುಖ್ಯ. ಆಹಾರ ಸಂಸ್ಕರಣೆ, ಆತಿಥ್ಯ ನಿರ್ವಹಣೆ ಕುರಿತು ಮಾಹಿತಿ ನೀಡಲಾಯಿತು. ಕೌಶಲ್ಯ ತರಬೇತಿ ಮಕ್ಕಳಿಗೆ ಆತ್ಮವಿಶ್ವಾಸ ಮೂಡಿಸುತ್ತದೆ. ಮಹಾರಾಣಿ ವಿಜ್ಞಾನ ಕಾಲೇಜಿನ ವಿದ್ಯಾರ್ಥಿನಿಯರಿಗೆ ಆಹಾರ ಸುರಕ್ಷತೆ ಮತ್ತು ಗುಣಮಟ್ಟದ ಬಗ್ಗೆ ತರಬೇತಿ ನೀಡಲಾಯಿತು. ಈ ಸಂದರ್ಭದಲ್ಲಿ ಕಾಲೇಜಿನ ಪ್ರಾಂಶುಪಾಲರು, ಉಪನ್ಯಾಸಕರು ಹಾಗೂ ಸಿಬ್ಬಂದಿ ಹಾಜರಿದ್ದರು. ಪ್ರಾಯೋಗಿಕ ತರಗತಿಗಳ ಮೂಲಕ ವಿದ್ಯಾರ್ಥಿಗಳಿಗೆ ತರಬೇತಿ ನೀಡಲಾಯಿತು. ಡಾ. ಅಬ್ದುಲ್ ರಹಮಾನ್ ಎಂ, ಮಹಾರಾಣಿ ಕೌಶಲ್ಯ ತರಬೇತಿ ಕೇಂದ್ರದ ಸಂಯೋಜಕರು ಕಾರ್ಯಕ್ರಮ ಉದ್ಘಾಟಿಸಿದರು. ಕೌಶಲ್ಯ ತರಬೇತಿ ಮಕ್ಕಳಿಗೆ ಅತಿ ಅಗತ್ಯ ಎಂದು ಅಭಿಪ್ರಾಯಪಟ್ಟರು. ಇದೇ ಸಂದರ್ಭದಲ್ಲಿ ಮಹಾರಾಣಿ ವಿಜ್ಞಾನ ಕಾಲೇಜಿನ ಪ್ರೊ. ಶಿವಪ್ರಸಾದ್ ಹಾಗೂ ಎಂಐಎಚ್‌ಎಂಸಿ ಪ್ರಾಂಶುಪಾಲರಾದ ಶ್ರೀಮತಿ ಅರ್ಪಿತ ಧರ್ಮ ಮಾತನಾಡಿದರು. ಎಂಐಎಚ್‌ಎಂಸಿ ಕಾಲೇಜಿನ ಉಪನ್ಯಾಸಕರು ಹಾಗೂ ವಿದ್ಯಾರ್ಥಿನಿಯರು ಉಪಸ್ಥಿತರಿದ್ದರು.
